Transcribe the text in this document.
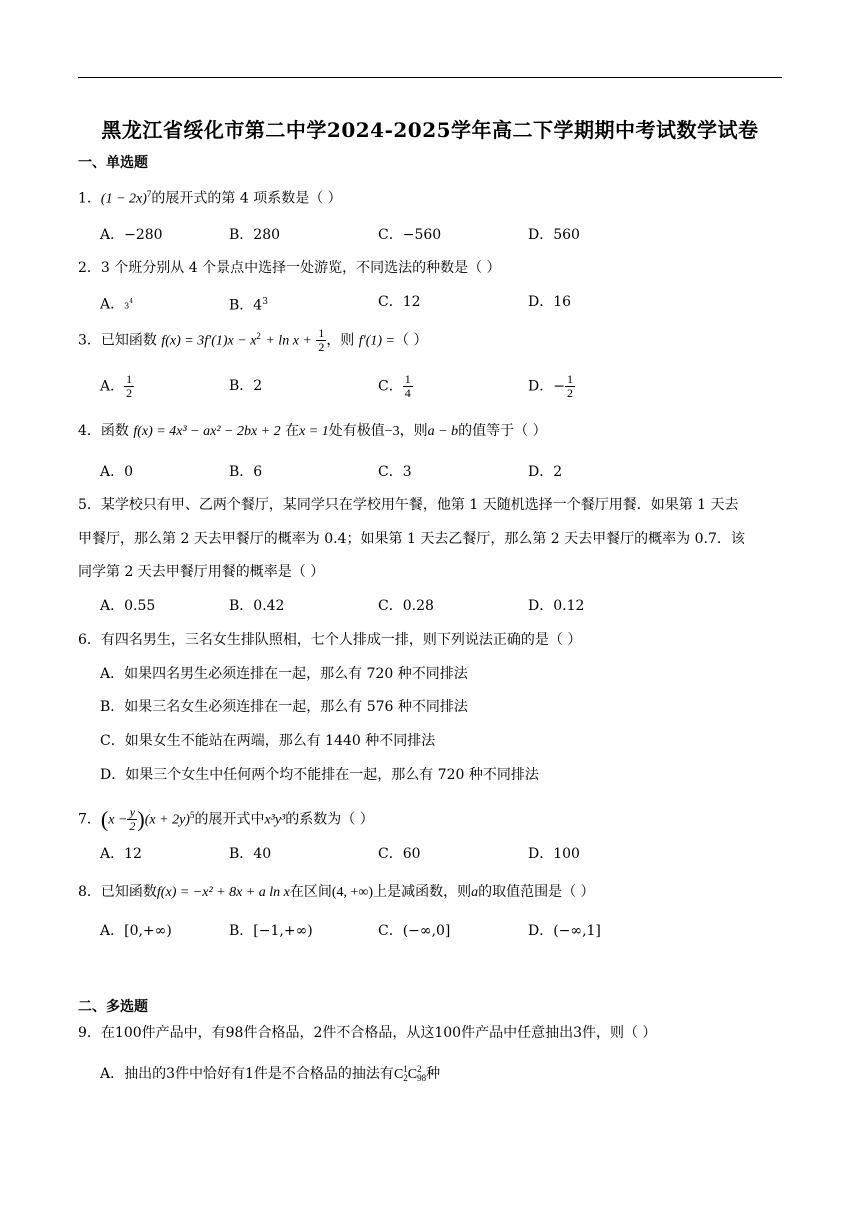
黑龙江省绥化市第二中学2024-2025学年高二下学期期中考试数学试卷
一、单选题
1．$(1 - 2x)^7$的展开式的第 4 项系数是（ ）
A．−280	B．280	C．−560	D．560
2．3 个班分别从 4 个景点中选择一处游览，不同选法的种数是（ ）
A．$3^4$	B．$4^3$	C．12	D．16
3．已知函数 $f(x) = 3f'(1)x - x^2 + \ln x + \frac{1}{2}$ ，则 f′(1) =（ ）
A． $\frac{1}{2}$	B．2	C． $\frac{1}{4}$	D．− $\frac{1}{2}$
4．函数 f(x) = 4x³ − ax² − 2bx + 2 在x = 1处有极值−3，则a − b的值等于（ ）
A．0	B．6	C．3	D．2
5．某学校只有甲、乙两个餐厅，某同学只在学校用午餐，他第 1 天随机选择一个餐厅用餐．如果第 1 天去
甲餐厅，那么第 2 天去甲餐厅的概率为 0.4；如果第 1 天去乙餐厅，那么第 2 天去甲餐厅的概率为 0.7．该
同学第 2 天去甲餐厅用餐的概率是（ ）
A．0.55	B．0.42	C．0.28	D．0.12
6．有四名男生，三名女生排队照相，七个人排成一排，则下列说法正确的是（ ）
A．如果四名男生必须连排在一起，那么有 720 种不同排法
B．如果三名女生必须连排在一起，那么有 576 种不同排法
C．如果女生不能站在两端，那么有 1440 种不同排法
D．如果三个女生中任何两个均不能排在一起，那么有 720 种不同排法
7．$(x - \frac{y}{2} )(x + 2y)^5$的展开式中x³y³的系数为（ ）
A．12	B．40	C．60	D．100
8．已知函数f(x) = −x² + 8x + a ln x在区间(4, +∞)上是减函数，则a的取值范围是（ ）
A．[0,+∞)	B．[−1,+∞)	C．(−∞,0]	D．(−∞,1]
二、多选题
9．在100件产品中，有98件合格品，2件不合格品，从这100件产品中任意抽出3件，则（ ）
A．抽出的3件中恰好有1件是不合格品的抽法有C 1
2 C 2
98 种
